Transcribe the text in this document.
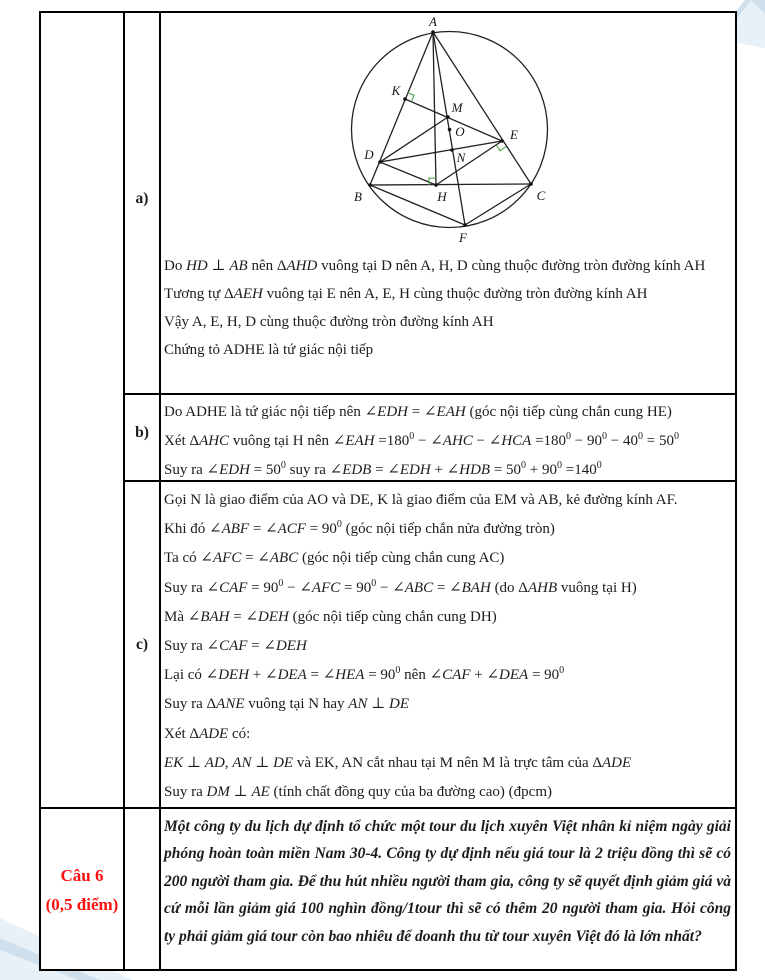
a)
b)
c)
A
B	C
D
E
F
H
K
M
N
O
Do HD ⊥ AB nên ΔAHD vuông tại D nên A, H, D cùng thuộc đường tròn đường kính AH
Tương tự ΔAEH vuông tại E nên A, E, H cùng thuộc đường tròn đường kính AH
Vậy A, E, H, D cùng thuộc đường tròn đường kính AH
Chứng tỏ ADHE là tứ giác nội tiếp
Do ADHE là tứ giác nội tiếp nên ∠EDH = ∠EAH (góc nội tiếp cùng chắn cung HE)
Xét ΔAHC vuông tại H nên ∠EAH $=180^0$ − ∠AHC − ∠HCA $=180^0 - 90^0 - 40^0 = 50^0$
Suy ra ∠EDH = $50^0$ suy ra ∠EDB = ∠EDH + ∠HDB = $50^0 + 90^0 =140^0$
Gọi N là giao điểm của AO và DE, K là giao điểm của EM và AB, kẻ đường kính AF.
Khi đó ∠ABF = ∠ACF = $90^0$ (góc nội tiếp chắn nửa đường tròn)
Ta có ∠AFC = ∠ABC (góc nội tiếp cùng chắn cung AC)
Suy ra ∠CAF = $90^0$ − ∠AFC = $90^0$ − ∠ABC = ∠BAH (do ΔAHB vuông tại H)
Mà ∠BAH = ∠DEH (góc nội tiếp cùng chắn cung DH)
Suy ra ∠CAF = ∠DEH
Lại có ∠DEH + ∠DEA = ∠HEA = $90^0$ nên ∠CAF + ∠DEA = $90^0$
Suy ra ΔANE vuông tại N hay AN ⊥ DE
Xét ΔADE có:
EK ⊥ AD, AN ⊥ DE và EK, AN cắt nhau tại M nên M là trực tâm của ΔADE
Suy ra DM ⊥ AE (tính chất đồng quy của ba đường cao) (đpcm)
Câu 6
(0,5 điểm)
Một công ty du lịch dự định tổ chức một tour du lịch xuyên Việt nhân kỉ niệm ngày giải phóng hoàn toàn miền Nam 30-4. Công ty dự định nếu giá tour là 2 triệu đồng thì sẽ có 200 người tham gia. Để thu hút nhiều người tham gia, công ty sẽ quyết định giảm giá và cứ mỗi lần giảm giá 100 nghìn đồng/1tour thì sẽ có thêm 20 người tham gia. Hỏi công ty phải giảm giá tour còn bao nhiêu để doanh thu từ tour xuyên Việt đó là lớn nhất?
